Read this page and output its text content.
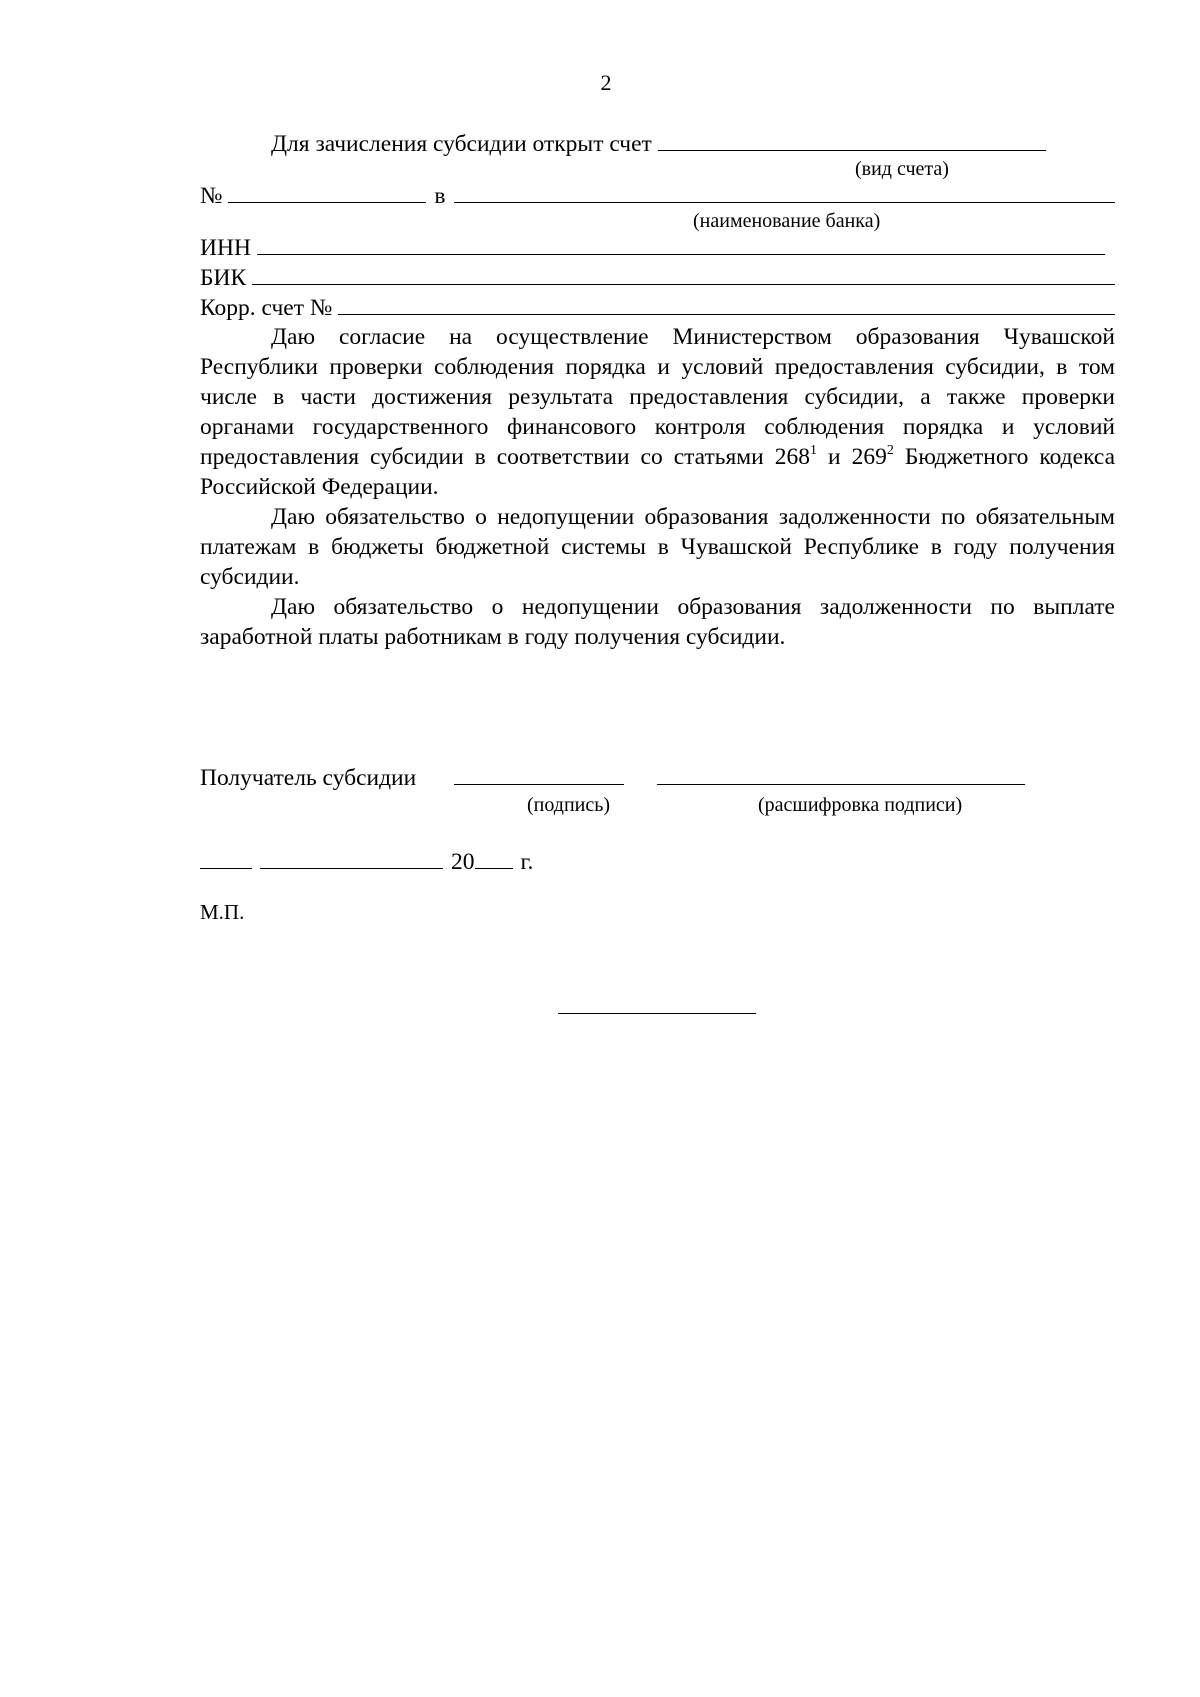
2
Для зачисления субсидии открыт счет
(вид счета)
№	в
(наименование банка)
ИНН
БИК
Корр. счет №

Даю согласие на осуществление Министерством образования Чувашской Республики проверки соблюдения порядка и условий предоставления субсидии, в том числе в части достижения результата предоставления субсидии, а также проверки органами государственного финансового контроля соблюдения порядка и условий предоставления субсидии в соответствии со статьями $268^1$ и $269^2$ Бюджетного кодекса Российской Федерации.

Даю обязательство о недопущении образования задолженности по обязательным платежам в бюджеты бюджетной системы в Чувашской Республике в году получения субсидии.

Даю обязательство о недопущении образования задолженности по выплате заработной платы работникам в году получения субсидии.

Получатель субсидии
(подпись)	(расшифровка подписи)
20 г.
М.П.
